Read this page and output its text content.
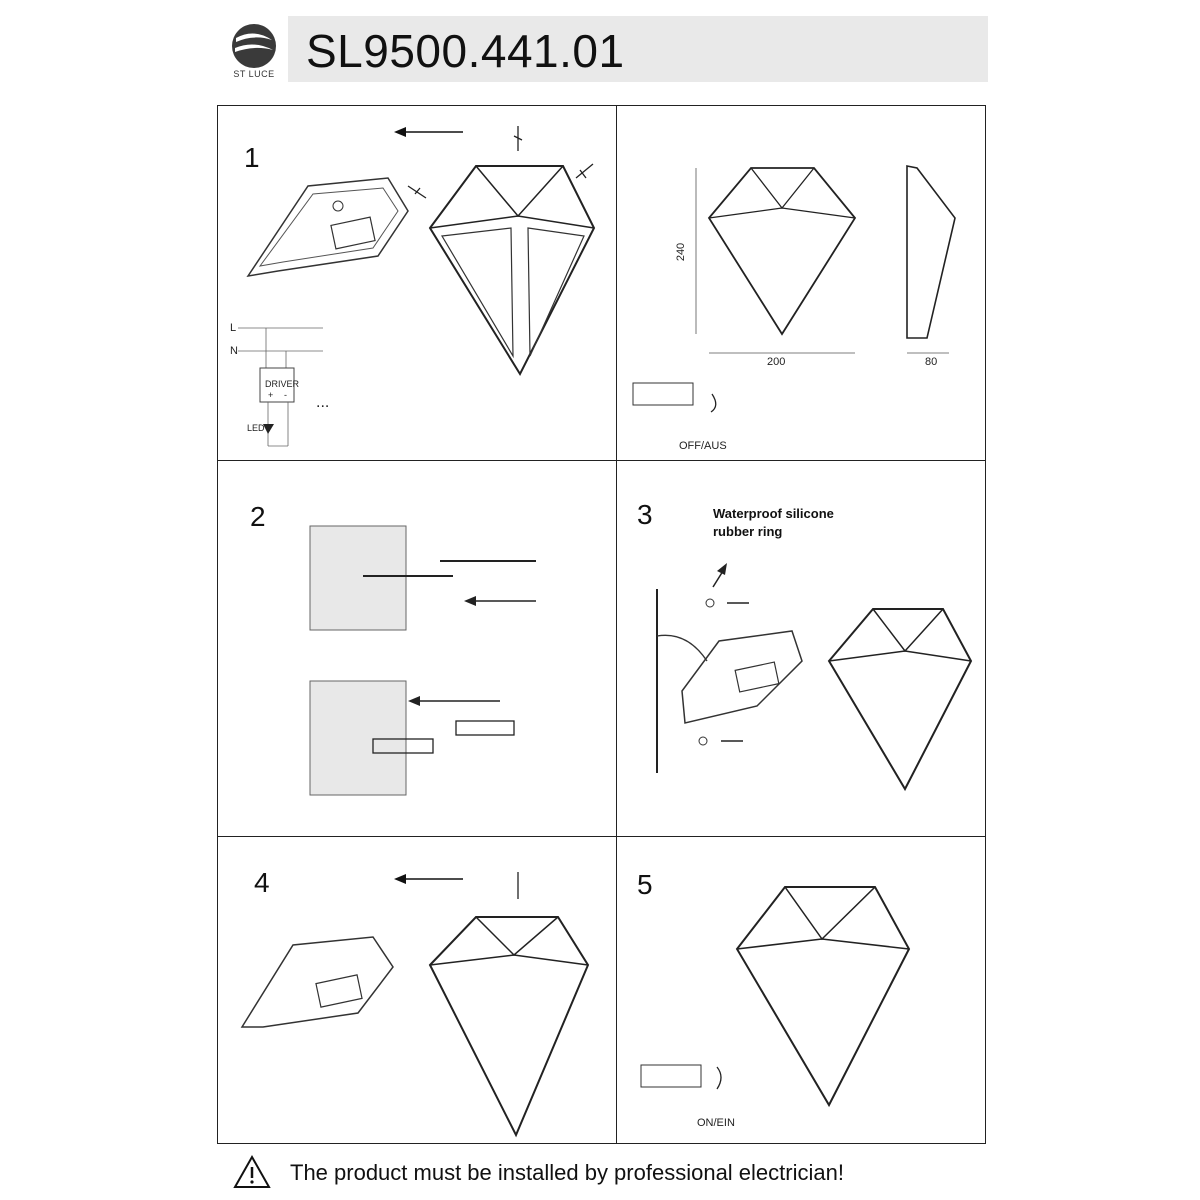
ST LUCE SL9500.441.01
1
L
N
DRIVER
+ -
LED
...
240
200	80
OFF/AUS
2	3	Waterproof silicone
rubber ring
4	5
ON/EIN
The product must be installed by professional electrician!
